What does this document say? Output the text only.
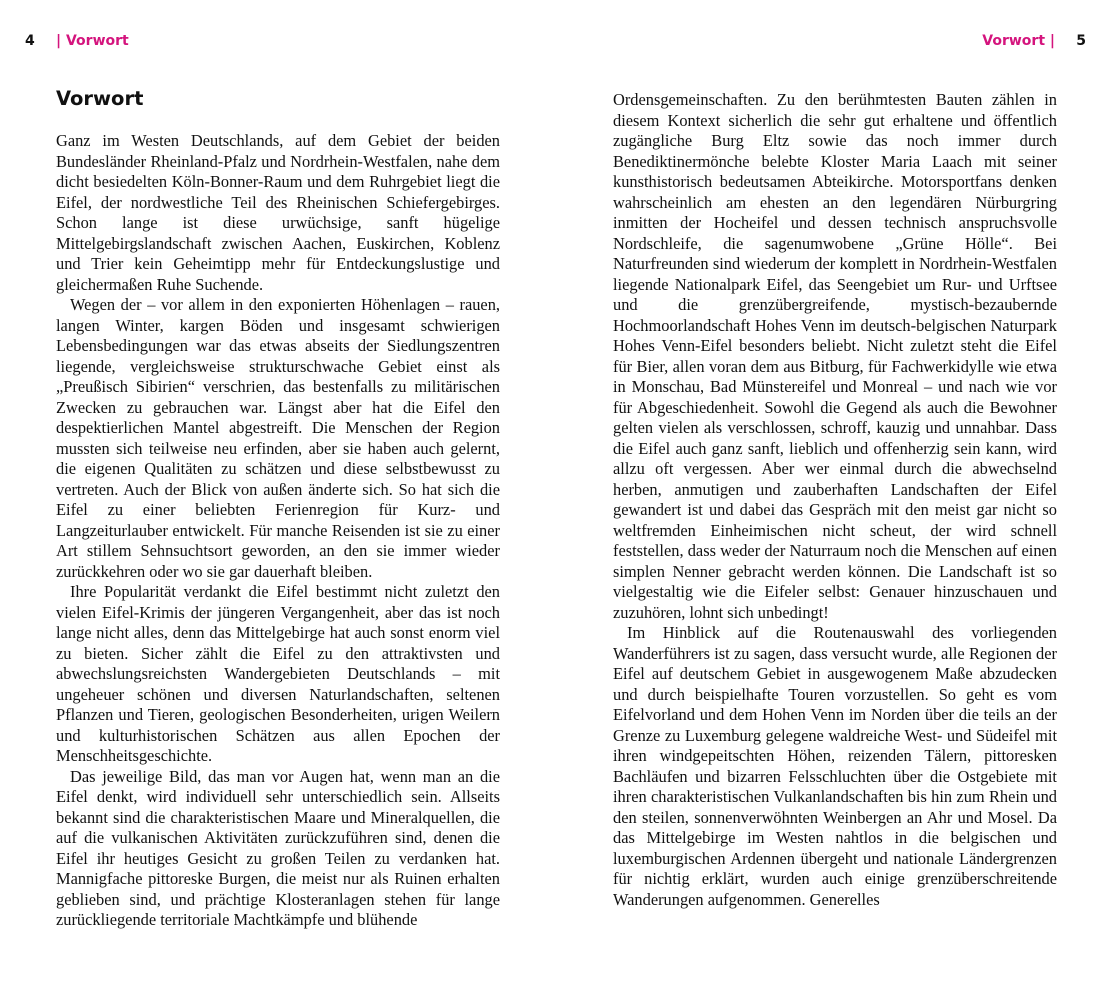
4 | Vorwort
Vorwort

Ganz im Westen Deutschlands, auf dem Gebiet der beiden Bundesländer Rheinland-Pfalz und Nordrhein-Westfalen, nahe dem dicht besiedelten Köln-Bonner-Raum und dem Ruhrgebiet liegt die Eifel, der nordwestliche Teil des Rheinischen Schiefergebirges. Schon lange ist diese urwüchsige, sanft hügelige Mittelgebirgslandschaft zwischen Aachen, Euskirchen, Koblenz und Trier kein Geheimtipp mehr für Entdeckungslustige und gleichermaßen Ruhe Suchende.

Wegen der – vor allem in den exponierten Höhenlagen – rauen, langen Winter, kargen Böden und insgesamt schwierigen Lebensbedingungen war das etwas abseits der Siedlungszentren liegende, vergleichsweise strukturschwache Gebiet einst als „Preußisch Sibirien“ verschrien, das bestenfalls zu militärischen Zwecken zu gebrauchen war. Längst aber hat die Eifel den despektierlichen Mantel abgestreift. Die Menschen der Region mussten sich teilweise neu erfinden, aber sie haben auch gelernt, die eigenen Qualitäten zu schätzen und diese selbstbewusst zu vertreten. Auch der Blick von außen änderte sich. So hat sich die Eifel zu einer beliebten Ferienregion für Kurz- und Langzeiturlauber entwickelt. Für manche Reisenden ist sie zu einer Art stillem Sehnsuchtsort geworden, an den sie immer wieder zurückkehren oder wo sie gar dauerhaft bleiben.

Ihre Popularität verdankt die Eifel bestimmt nicht zuletzt den vielen Eifel-Krimis der jüngeren Vergangenheit, aber das ist noch lange nicht alles, denn das Mittelgebirge hat auch sonst enorm viel zu bieten. Sicher zählt die Eifel zu den attraktivsten und abwechslungsreichsten Wandergebieten Deutschlands – mit ungeheuer schönen und diversen Naturlandschaften, seltenen Pflanzen und Tieren, geologischen Besonderheiten, urigen Weilern und kulturhistorischen Schätzen aus allen Epochen der Menschheitsgeschichte.

Das jeweilige Bild, das man vor Augen hat, wenn man an die Eifel denkt, wird individuell sehr unterschiedlich sein. Allseits bekannt sind die charakteristischen Maare und Mineralquellen, die auf die vulkanischen Aktivitäten zurückzuführen sind, denen die Eifel ihr heutiges Gesicht zu großen Teilen zu verdanken hat. Mannigfache pittoreske Burgen, die meist nur als Ruinen erhalten geblieben sind, und prächtige Klosteranlagen stehen für lange zurückliegende territoriale Machtkämpfe und blühende

Vorwort | 5

Ordensgemeinschaften. Zu den berühmtesten Bauten zählen in diesem Kontext sicherlich die sehr gut erhaltene und öffentlich zugängliche Burg Eltz sowie das noch immer durch Benediktinermönche belebte Kloster Maria Laach mit seiner kunsthistorisch bedeutsamen Abteikirche. Motorsportfans denken wahrscheinlich am ehesten an den legendären Nürburgring inmitten der Hocheifel und dessen technisch anspruchsvolle Nordschleife, die sagenumwobene „Grüne Hölle“. Bei Naturfreunden sind wiederum der komplett in Nordrhein-Westfalen liegende Nationalpark Eifel, das Seengebiet um Rur- und Urftsee und die grenzübergreifende, mystisch-bezaubernde Hochmoorlandschaft Hohes Venn im deutsch-belgischen Naturpark Hohes Venn-Eifel besonders beliebt. Nicht zuletzt steht die Eifel für Bier, allen voran dem aus Bitburg, für Fachwerkidylle wie etwa in Monschau, Bad Münstereifel und Monreal – und nach wie vor für Abgeschiedenheit. Sowohl die Gegend als auch die Bewohner gelten vielen als verschlossen, schroff, kauzig und unnahbar. Dass die Eifel auch ganz sanft, lieblich und offenherzig sein kann, wird allzu oft vergessen. Aber wer einmal durch die abwechselnd herben, anmutigen und zauberhaften Landschaften der Eifel gewandert ist und dabei das Gespräch mit den meist gar nicht so weltfremden Einheimischen nicht scheut, der wird schnell feststellen, dass weder der Naturraum noch die Menschen auf einen simplen Nenner gebracht werden können. Die Landschaft ist so vielgestaltig wie die Eifeler selbst: Genauer hinzuschauen und zuzuhören, lohnt sich unbedingt!

Im Hinblick auf die Routenauswahl des vorliegenden Wanderführers ist zu sagen, dass versucht wurde, alle Regionen der Eifel auf deutschem Gebiet in ausgewogenem Maße abzudecken und durch beispielhafte Touren vorzustellen. So geht es vom Eifelvorland und dem Hohen Venn im Norden über die teils an der Grenze zu Luxemburg gelegene waldreiche West- und Südeifel mit ihren windgepeitschten Höhen, reizenden Tälern, pittoresken Bachläufen und bizarren Felsschluchten über die Ostgebiete mit ihren charakteristischen Vulkanlandschaften bis hin zum Rhein und den steilen, sonnenverwöhnten Weinbergen an Ahr und Mosel. Da das Mittelgebirge im Westen nahtlos in die belgischen und luxemburgischen Ardennen übergeht und nationale Ländergrenzen für nichtig erklärt, wurden auch einige grenzüberschreitende Wanderungen aufgenommen. Generelles
